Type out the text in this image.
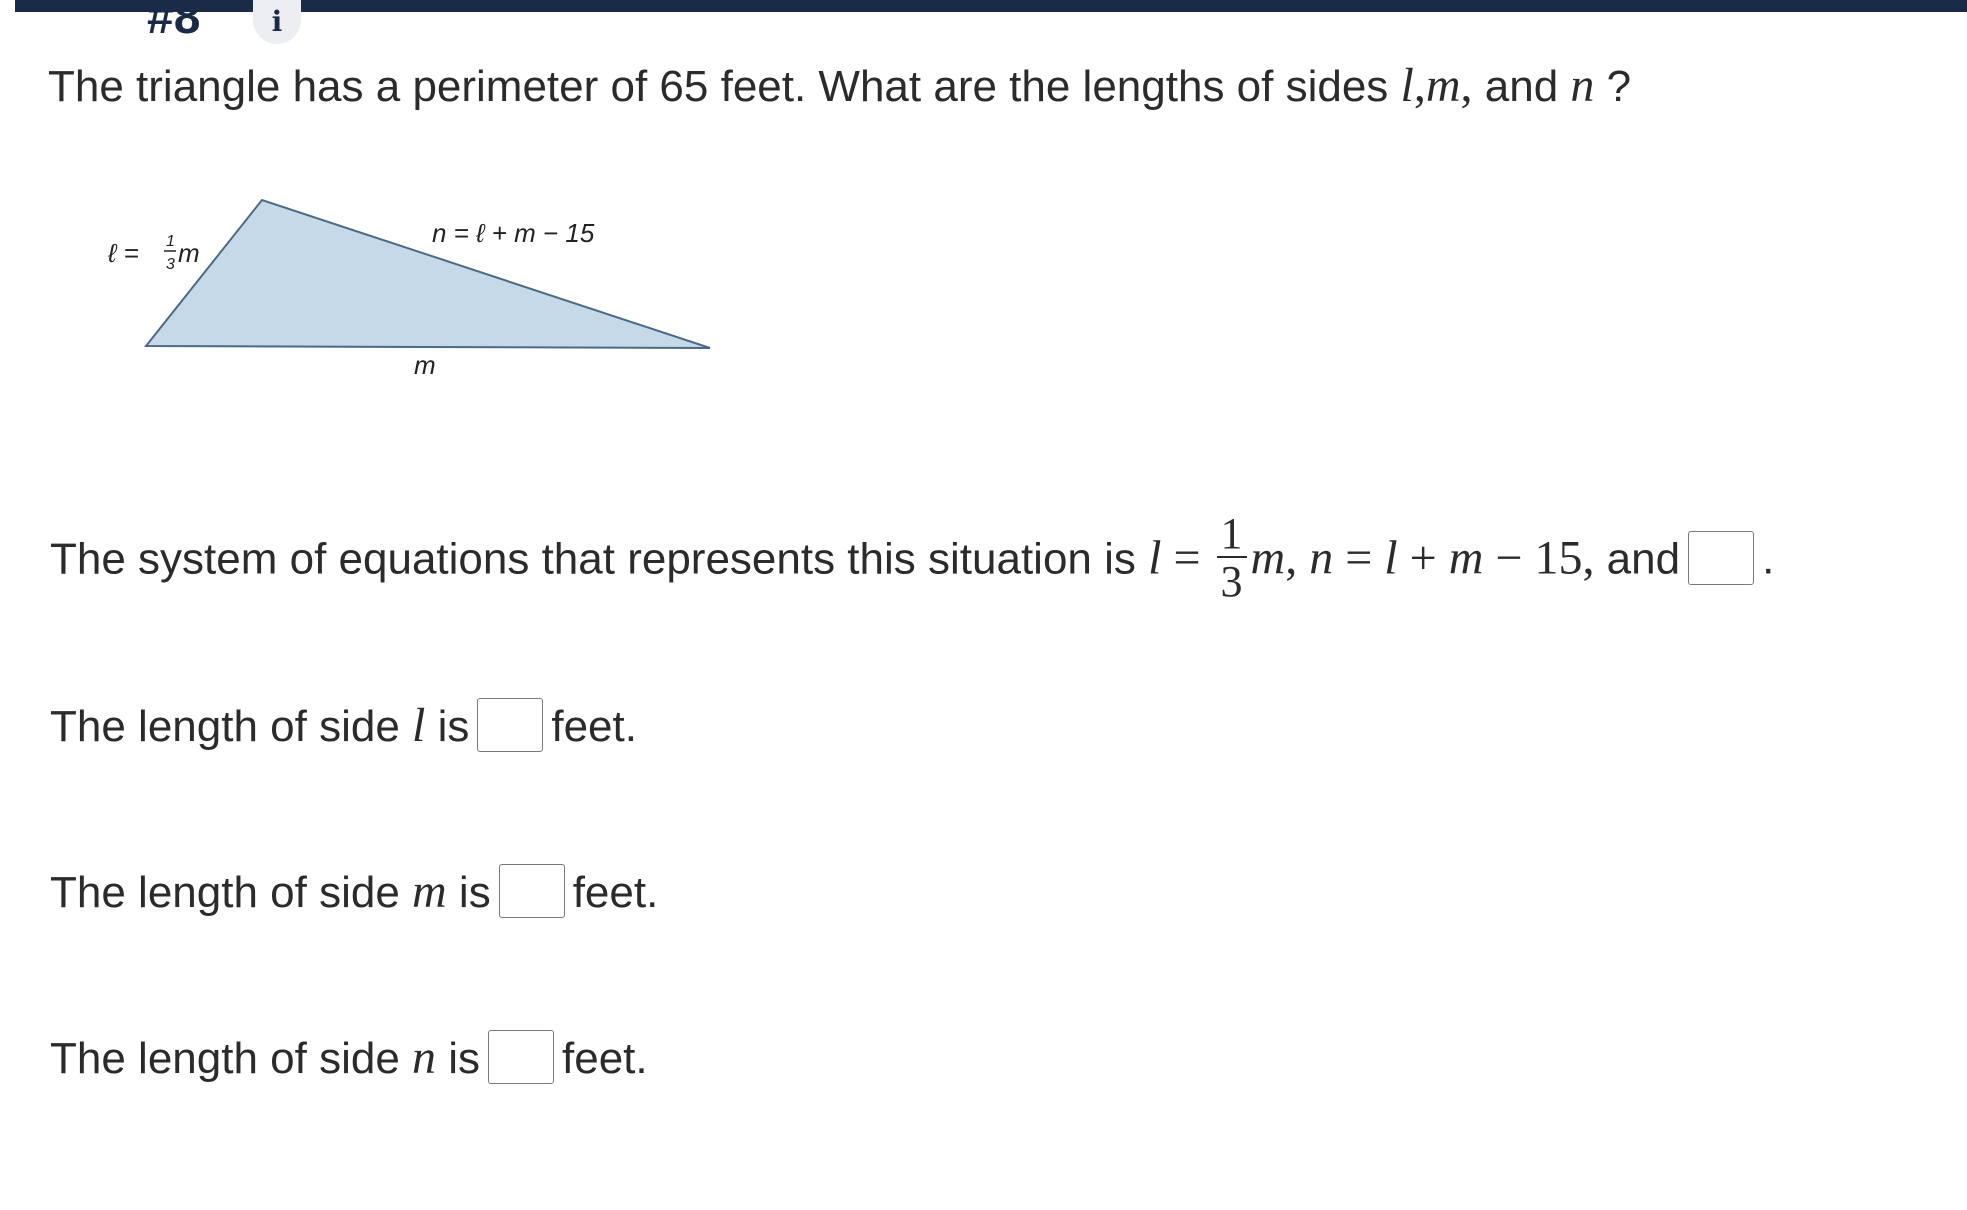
#8	i
The triangle has a perimeter of 65 feet. What are the lengths of sides l,m, and n ?
ℓ = 1
3 m
n = ℓ + m − 15
m
The system of equations that represents this situation is $l = \frac{1}{3} m$, n = l + m − 15, and .
The length of side l is feet.
The length of side m is feet.
The length of side n is feet.
